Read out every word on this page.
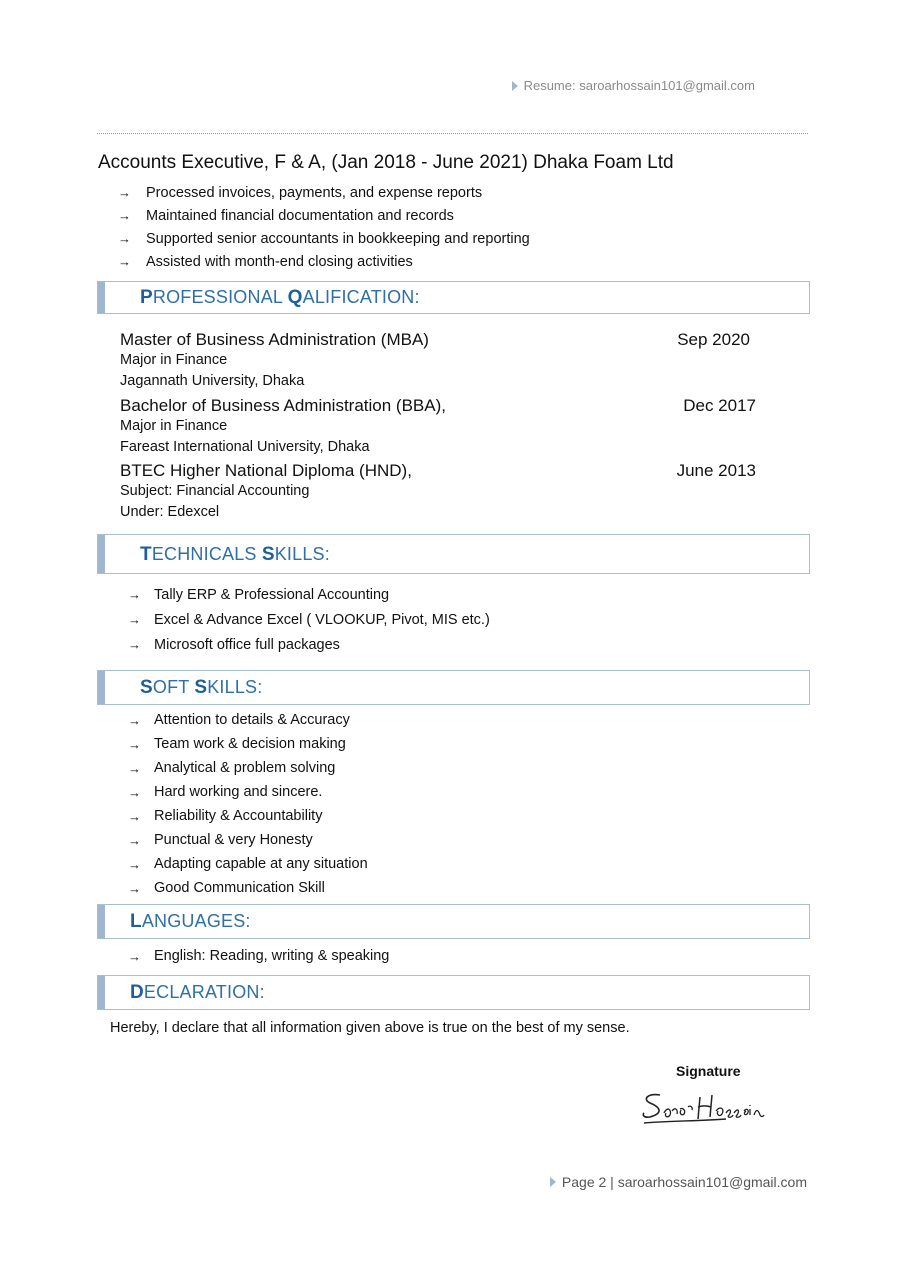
Resume: saroarhossain101@gmail.com
Accounts Executive, F & A, (Jan 2018 - June 2021) Dhaka Foam Ltd
→	Processed invoices, payments, and expense reports
→	Maintained financial documentation and records
→	Supported senior accountants in bookkeeping and reporting
→	Assisted with month-end closing activities
PROFESSIONAL QALIFICATION:
Master of Business Administration (MBA)	Sep 2020
Major in Finance
Jagannath University, Dhaka
Bachelor of Business Administration (BBA),	Dec 2017
Major in Finance
Fareast International University, Dhaka
BTEC Higher National Diploma (HND),	June 2013
Subject: Financial Accounting
Under: Edexcel
TECHNICALS SKILLS:
→ Tally ERP & Professional Accounting
→ Excel & Advance Excel ( VLOOKUP, Pivot, MIS etc.)
→ Microsoft office full packages
SOFT SKILLS:
→ Attention to details & Accuracy
→ Team work & decision making
→ Analytical & problem solving
→ Hard working and sincere.
→ Reliability & Accountability
→ Punctual & very Honesty
→ Adapting capable at any situation
→ Good Communication Skill
LANGUAGES:
→ English: Reading, writing & speaking
DECLARATION:
Hereby, I declare that all information given above is true on the best of my sense.
Signature
Page 2 | saroarhossain101@gmail.com
